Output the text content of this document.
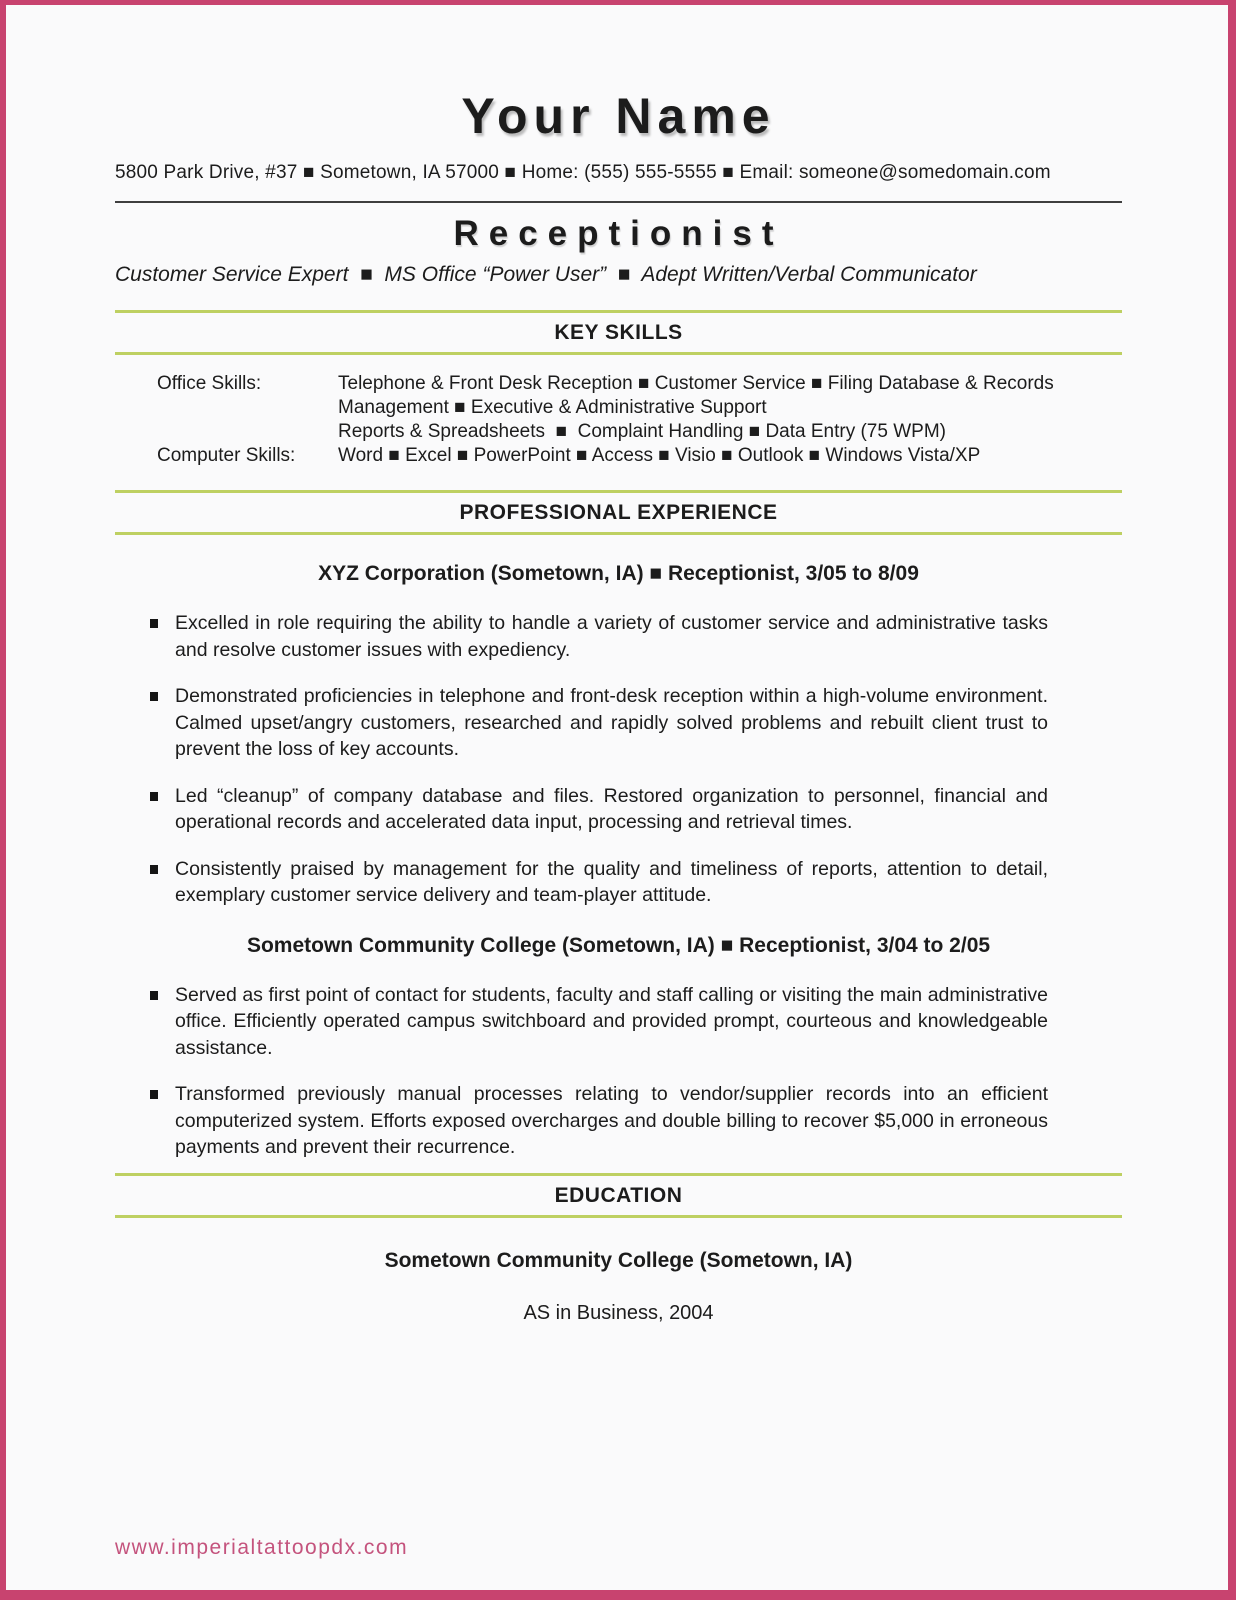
Your Name
5800 Park Drive, #37 ■ Sometown, IA 57000 ■ Home: (555) 555-5555 ■ Email: someone@somedomain.com
Receptionist
Customer Service Expert  ■  MS Office “Power User”  ■  Adept Written/Verbal Communicator
KEY SKILLS
Office Skills:	Telephone & Front Desk Reception ■ Customer Service ■ Filing Database & Records
Management ■ Executive & Administrative Support
Reports & Spreadsheets  ■  Complaint Handling ■ Data Entry (75 WPM)
Computer Skills:	Word ■ Excel ■ PowerPoint ■ Access ■ Visio ■ Outlook ■ Windows Vista/XP
PROFESSIONAL EXPERIENCE
XYZ Corporation (Sometown, IA) ■ Receptionist, 3/05 to 8/09

Excelled in role requiring the ability to handle a variety of customer service and administrative tasks and resolve customer issues with expediency.

Demonstrated proficiencies in telephone and front-desk reception within a high-volume environment. Calmed upset/angry customers, researched and rapidly solved problems and rebuilt client trust to prevent the loss of key accounts.

Led “cleanup” of company database and files. Restored organization to personnel, financial and operational records and accelerated data input, processing and retrieval times.

Consistently praised by management for the quality and timeliness of reports, attention to detail, exemplary customer service delivery and team-player attitude.

Sometown Community College (Sometown, IA) ■ Receptionist, 3/04 to 2/05

Served as first point of contact for students, faculty and staff calling or visiting the main administrative office. Efficiently operated campus switchboard and provided prompt, courteous and knowledgeable assistance.

Transformed previously manual processes relating to vendor/supplier records into an efficient computerized system. Efforts exposed overcharges and double billing to recover $5,000 in erroneous payments and prevent their recurrence.

EDUCATION
Sometown Community College (Sometown, IA)
AS in Business, 2004
www.imperialtattoopdx.com
